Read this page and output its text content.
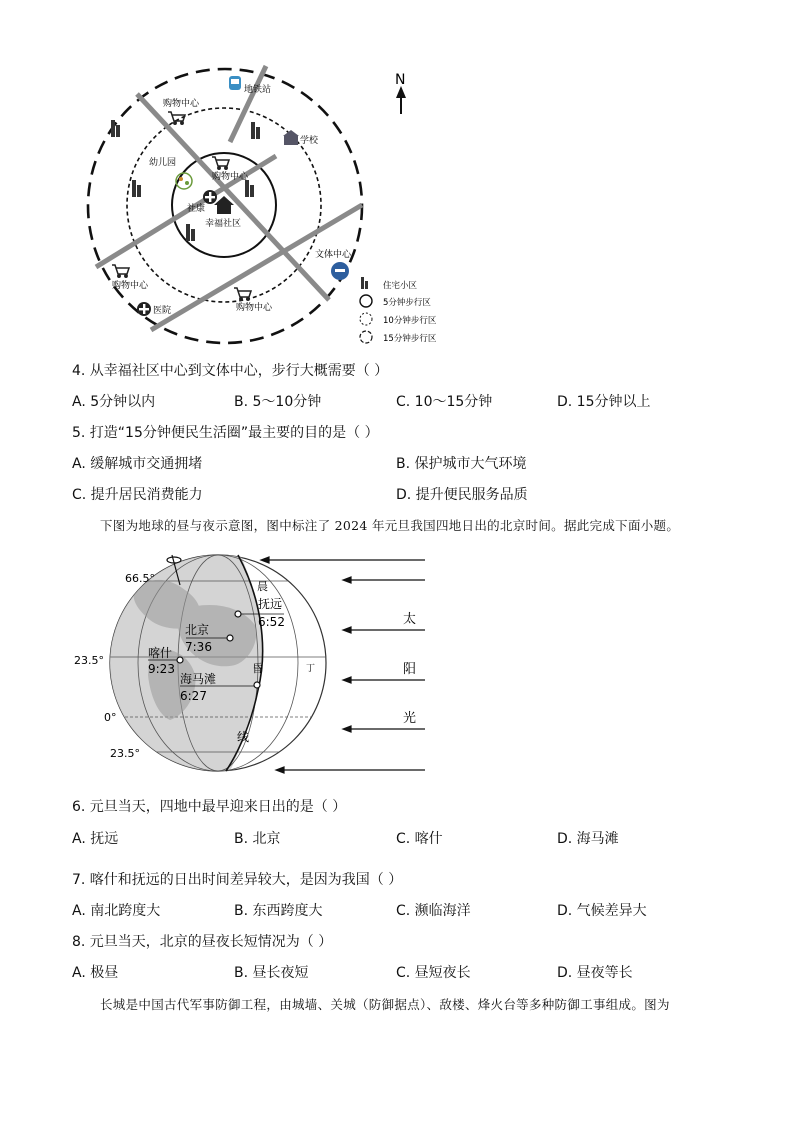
N
地铁站
购物中心
购物中心
购物中心
购物中心
学校
幼儿园
社康
幸福社区
文体中心
医院
住宅小区
5分钟步行区
10分钟步行区
15分钟步行区
4. 从幸福社区中心到文体中心，步行大概需要（ ）
A. 5分钟以内	B. 5～10分钟	C. 10～15分钟	D. 15分钟以上
5. 打造“15分钟便民生活圈”最主要的目的是（ ）
A. 缓解城市交通拥堵	B. 保护城市大气环境
C. 提升居民消费能力	D. 提升便民服务品质
下图为地球的昼与夜示意图，图中标注了 2024 年元旦我国四地日出的北京时间。据此完成下面小题。
66.5°
23.5°
0°
23.5°
抚远
6:52
北京
7:36
喀什
9:23
海马滩
6:27
晨
昏
线
丁
太
阳
光
6. 元旦当天，四地中最早迎来日出的是（ ）
A. 抚远	B. 北京	C. 喀什	D. 海马滩
7. 喀什和抚远的日出时间差异较大，是因为我国（ ）
A. 南北跨度大	B. 东西跨度大	C. 濒临海洋	D. 气候差异大
8. 元旦当天，北京的昼夜长短情况为（ ）
A. 极昼	B. 昼长夜短	C. 昼短夜长	D. 昼夜等长
长城是中国古代军事防御工程，由城墙、关城（防御据点）、敌楼、烽火台等多种防御工事组成。图为
